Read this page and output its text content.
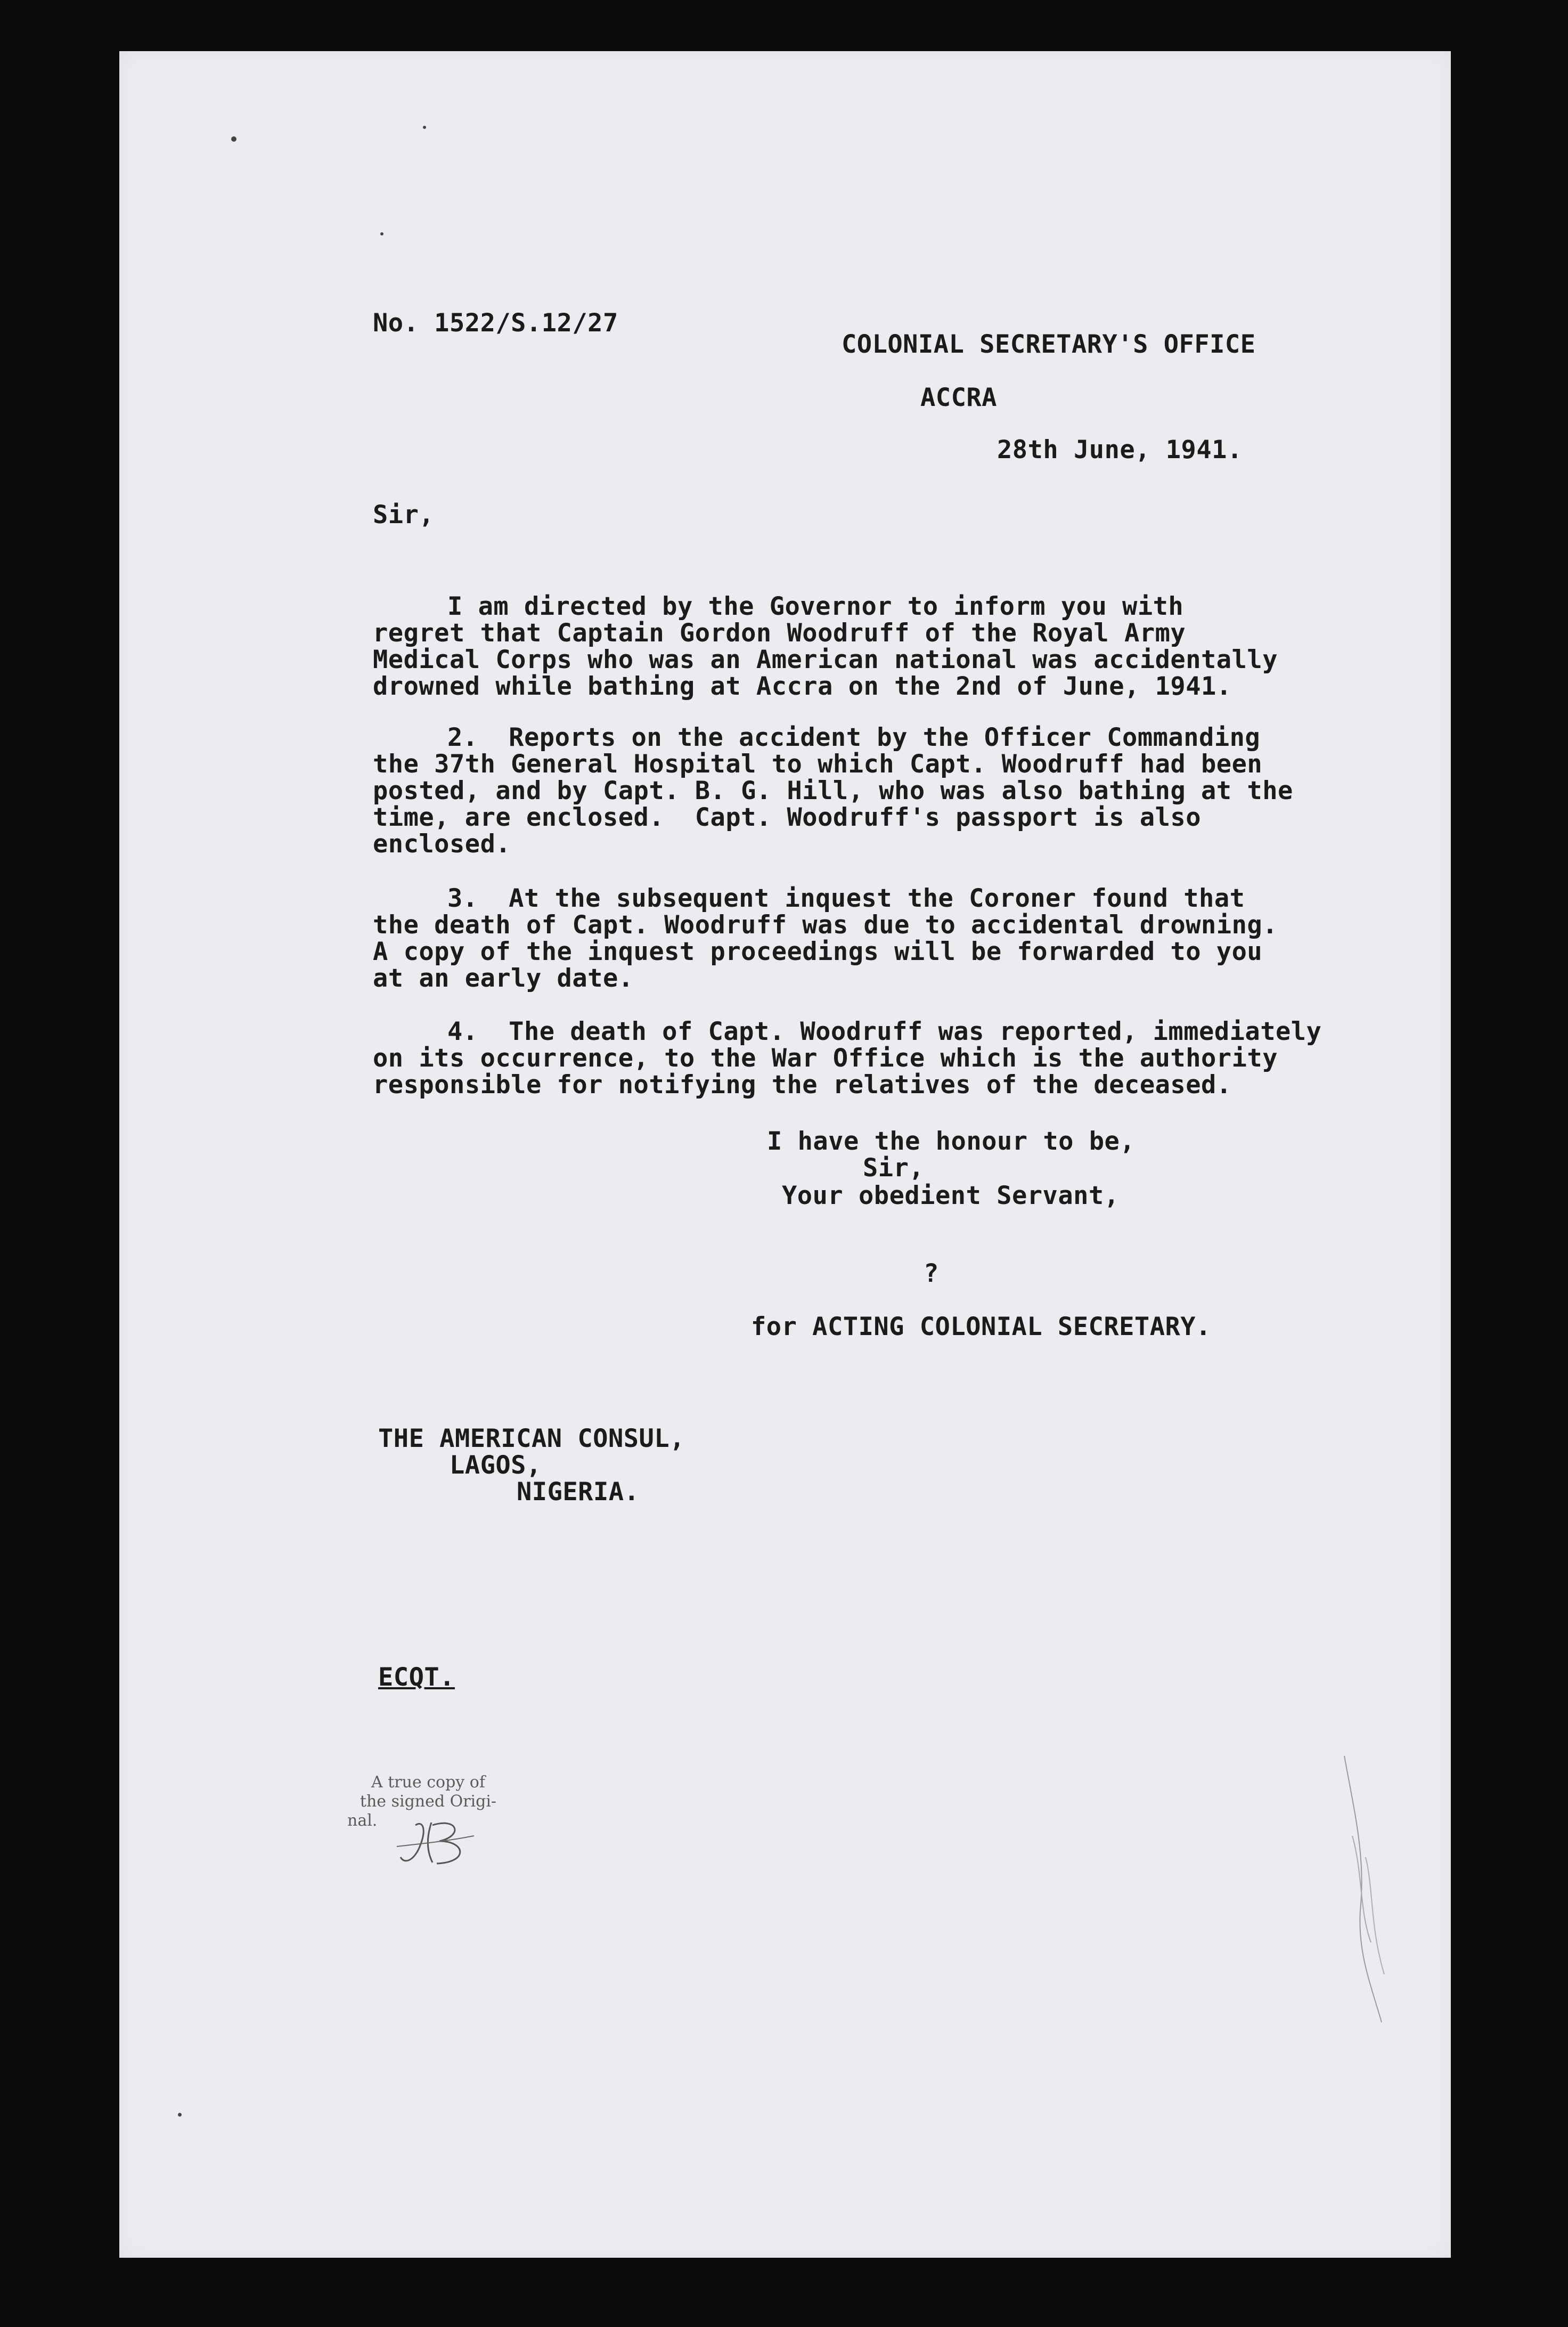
No. 1522/S.12/27

COLONIAL SECRETARY'S OFFICE

ACCRA

28th June, 1941.

Sir,

I am directed by the Governor to inform you with
regret that Captain Gordon Woodruff of the Royal Army
Medical Corps who was an American national was accidentally
drowned while bathing at Accra on the 2nd of June, 1941.
2.  Reports on the accident by the Officer Commanding
the 37th General Hospital to which Capt. Woodruff had been
posted, and by Capt. B. G. Hill, who was also bathing at the
time, are enclosed.  Capt. Woodruff's passport is also
enclosed.
3.  At the subsequent inquest the Coroner found that
the death of Capt. Woodruff was due to accidental drowning.
A copy of the inquest proceedings will be forwarded to you
at an early date.
4.  The death of Capt. Woodruff was reported, immediately
on its occurrence, to the War Office which is the authority
responsible for notifying the relatives of the deceased.

I have the honour to be,

Sir,

Your obedient Servant,

?

for ACTING COLONIAL SECRETARY.

THE AMERICAN CONSUL,

LAGOS,

NIGERIA.

ECQT.

A true copy of
the signed Origi-
nal.
